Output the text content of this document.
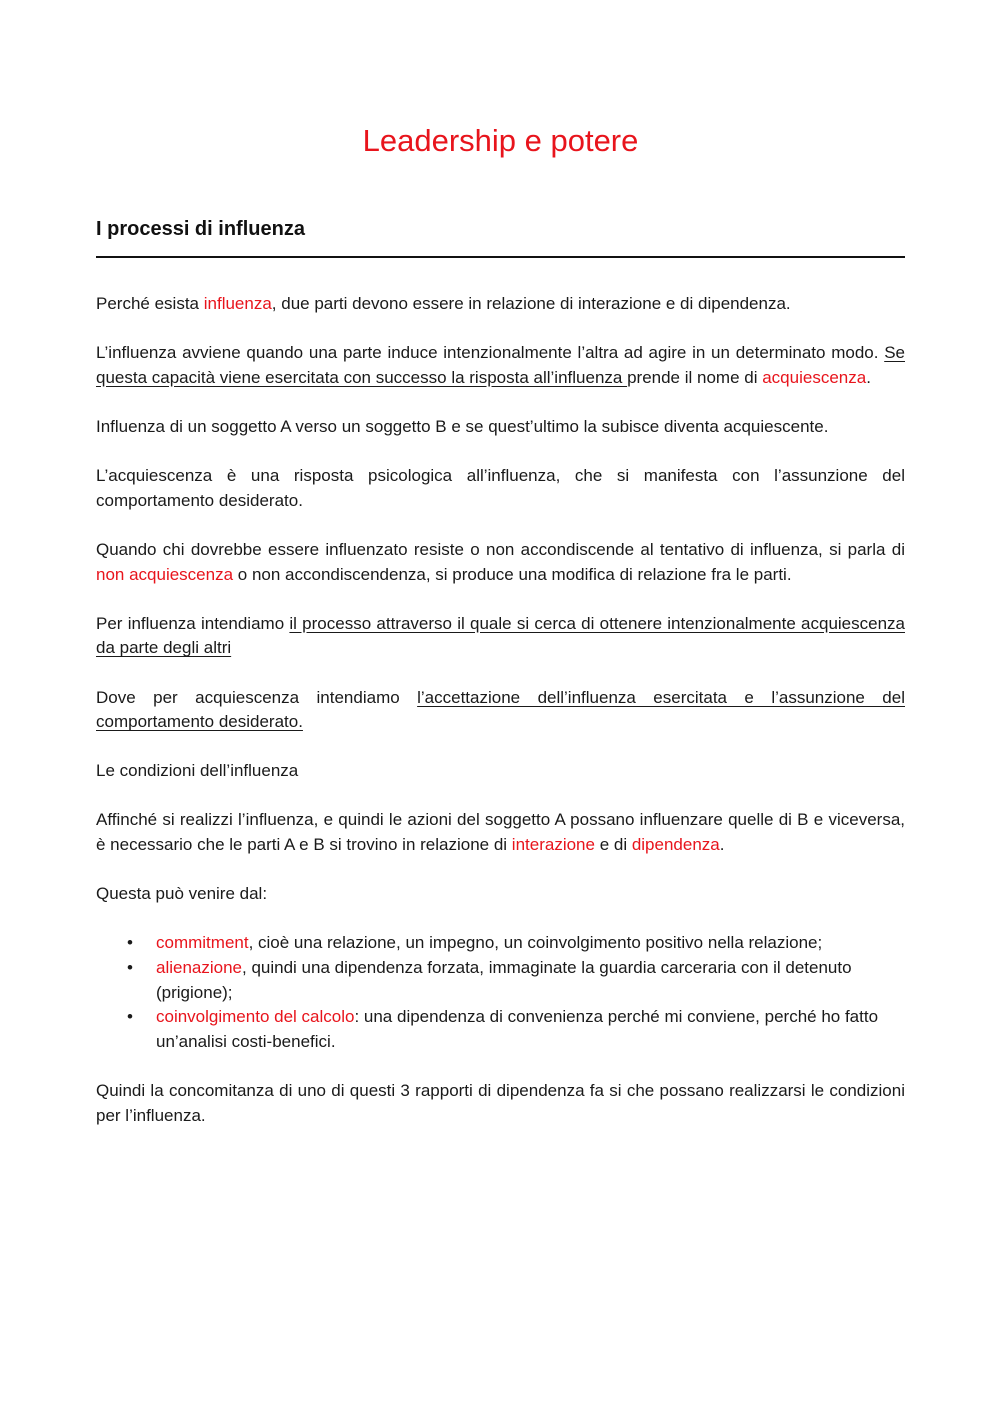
Leadership e potere
I processi di influenza

Perché esista influenza, due parti devono essere in relazione di interazione e di dipendenza.

L’influenza avviene quando una parte induce intenzionalmente l’altra ad agire in un determinato modo. Se questa capacità viene esercitata con successo la risposta all’influenza prende il nome di acquiescenza.

Influenza di un soggetto A verso un soggetto B e se quest’ultimo la subisce diventa acquiescente.

L’acquiescenza è una risposta psicologica all’influenza, che si manifesta con l’assunzione del comportamento desiderato.

Quando chi dovrebbe essere influenzato resiste o non accondiscende al tentativo di influenza, si parla di non acquiescenza o non accondiscendenza, si produce una modifica di relazione fra le parti.

Per influenza intendiamo il processo attraverso il quale si cerca di ottenere intenzionalmente acquiescenza da parte degli altri

Dove per acquiescenza intendiamo l’accettazione dell’influenza esercitata e l’assunzione del comportamento desiderato.

Le condizioni dell’influenza

Affinché si realizzi l’influenza, e quindi le azioni del soggetto A possano influenzare quelle di B e viceversa, è necessario che le parti A e B si trovino in relazione di interazione e di dipendenza.

Questa può venire dal:

• commitment, cioè una relazione, un impegno, un coinvolgimento positivo nella relazione;
• alienazione, quindi una dipendenza forzata, immaginate la guardia carceraria con il detenuto (prigione);
• coinvolgimento del calcolo: una dipendenza di convenienza perché mi conviene, perché ho fatto un’analisi costi-benefici.

Quindi la concomitanza di uno di questi 3 rapporti di dipendenza fa si che possano realizzarsi le condizioni per l’influenza.
